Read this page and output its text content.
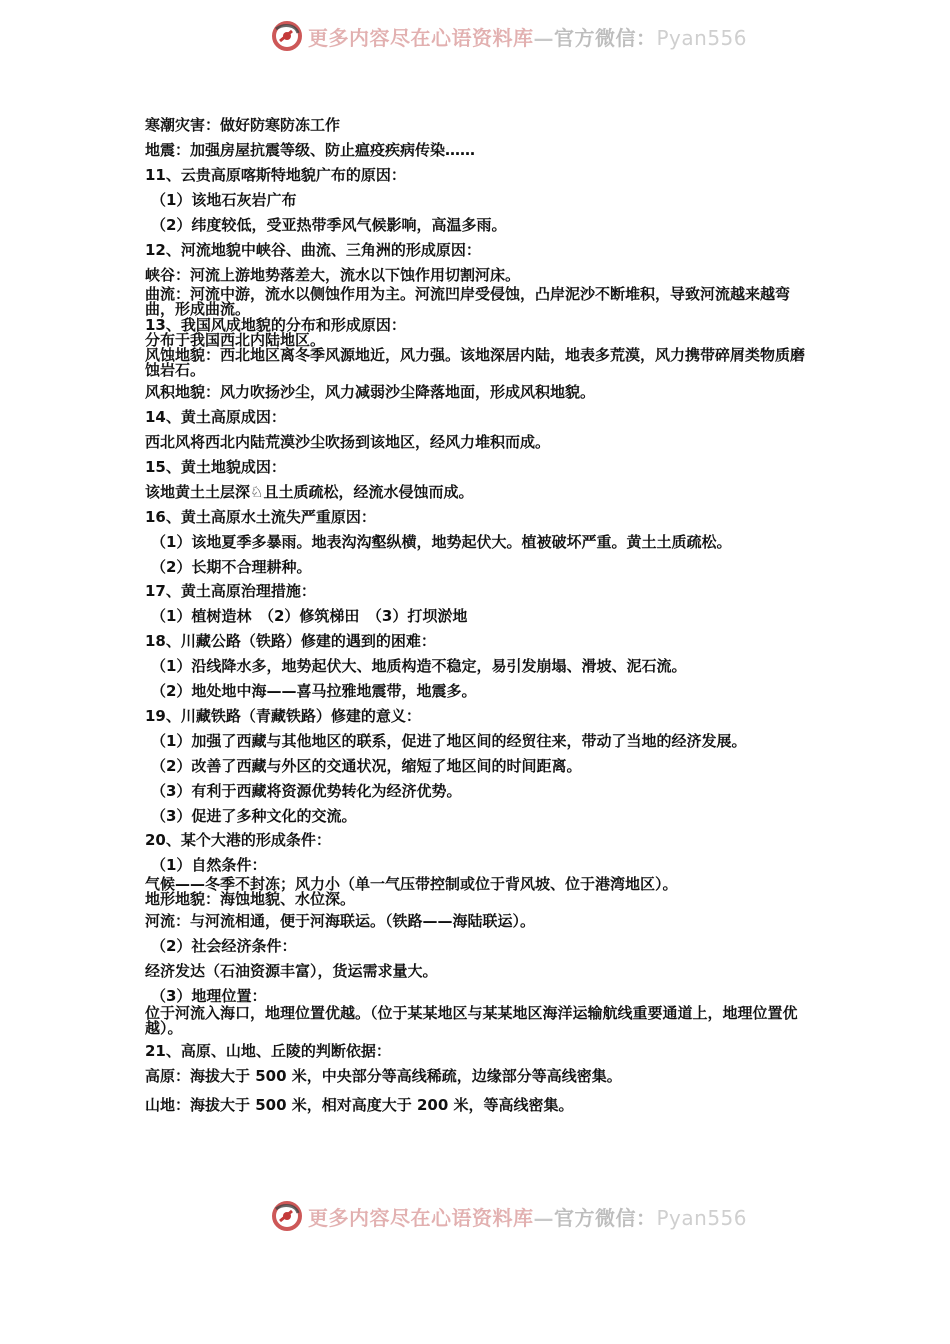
更多内容尽在心语资料库—官方微信：Pyan556
寒潮灾害：做好防寒防冻工作
地震：加强房屋抗震等级、防止瘟疫疾病传染……
11、云贵高原喀斯特地貌广布的原因：
（1）该地石灰岩广布
（2）纬度较低，受亚热带季风气候影响，高温多雨。
12、河流地貌中峡谷、曲流、三角洲的形成原因：
峡谷：河流上游地势落差大，流水以下蚀作用切割河床。
曲流：河流中游，流水以侧蚀作用为主。河流凹岸受侵蚀，凸岸泥沙不断堆积，导致河流越来越弯曲，形成曲流。
13、我国风成地貌的分布和形成原因：
分布于我国西北内陆地区。
风蚀地貌：西北地区离冬季风源地近，风力强。该地深居内陆，地表多荒漠，风力携带碎屑类物质磨蚀岩石。
风积地貌：风力吹扬沙尘，风力减弱沙尘降落地面，形成风积地貌。
14、黄土高原成因：
西北风将西北内陆荒漠沙尘吹扬到该地区，经风力堆积而成。
15、黄土地貌成因：
该地黄土土层深♘且土质疏松，经流水侵蚀而成。
16、黄土高原水土流失严重原因：
（1）该地夏季多暴雨。地表沟沟壑纵横，地势起伏大。植被破坏严重。黄土土质疏松。
（2）长期不合理耕种。
17、黄土高原治理措施：
（1）植树造林　（2）修筑梯田　（3）打坝淤地
18、川藏公路（铁路）修建的遇到的困难：
（1）沿线降水多，地势起伏大、地质构造不稳定，易引发崩塌、滑坡、泥石流。
（2）地处地中海——喜马拉雅地震带，地震多。
19、川藏铁路（青藏铁路）修建的意义：
（1）加强了西藏与其他地区的联系，促进了地区间的经贸往来，带动了当地的经济发展。
（2）改善了西藏与外区的交通状况，缩短了地区间的时间距离。
（3）有利于西藏将资源优势转化为经济优势。
（3）促进了多种文化的交流。
20、某个大港的形成条件：
（1）自然条件：
气候——冬季不封冻；风力小（单一气压带控制或位于背风坡、位于港湾地区）。
地形地貌：海蚀地貌、水位深。
河流：与河流相通，便于河海联运。（铁路——海陆联运）。
（2）社会经济条件：
经济发达（石油资源丰富），货运需求量大。
（3）地理位置：
位于河流入海口，地理位置优越。（位于某某地区与某某地区海洋运输航线重要通道上，地理位置优越）。
21、高原、山地、丘陵的判断依据：
高原：海拔大于 500 米，中央部分等高线稀疏，边缘部分等高线密集。
山地：海拔大于 500 米，相对高度大于 200 米，等高线密集。
更多内容尽在心语资料库—官方微信：Pyan556
